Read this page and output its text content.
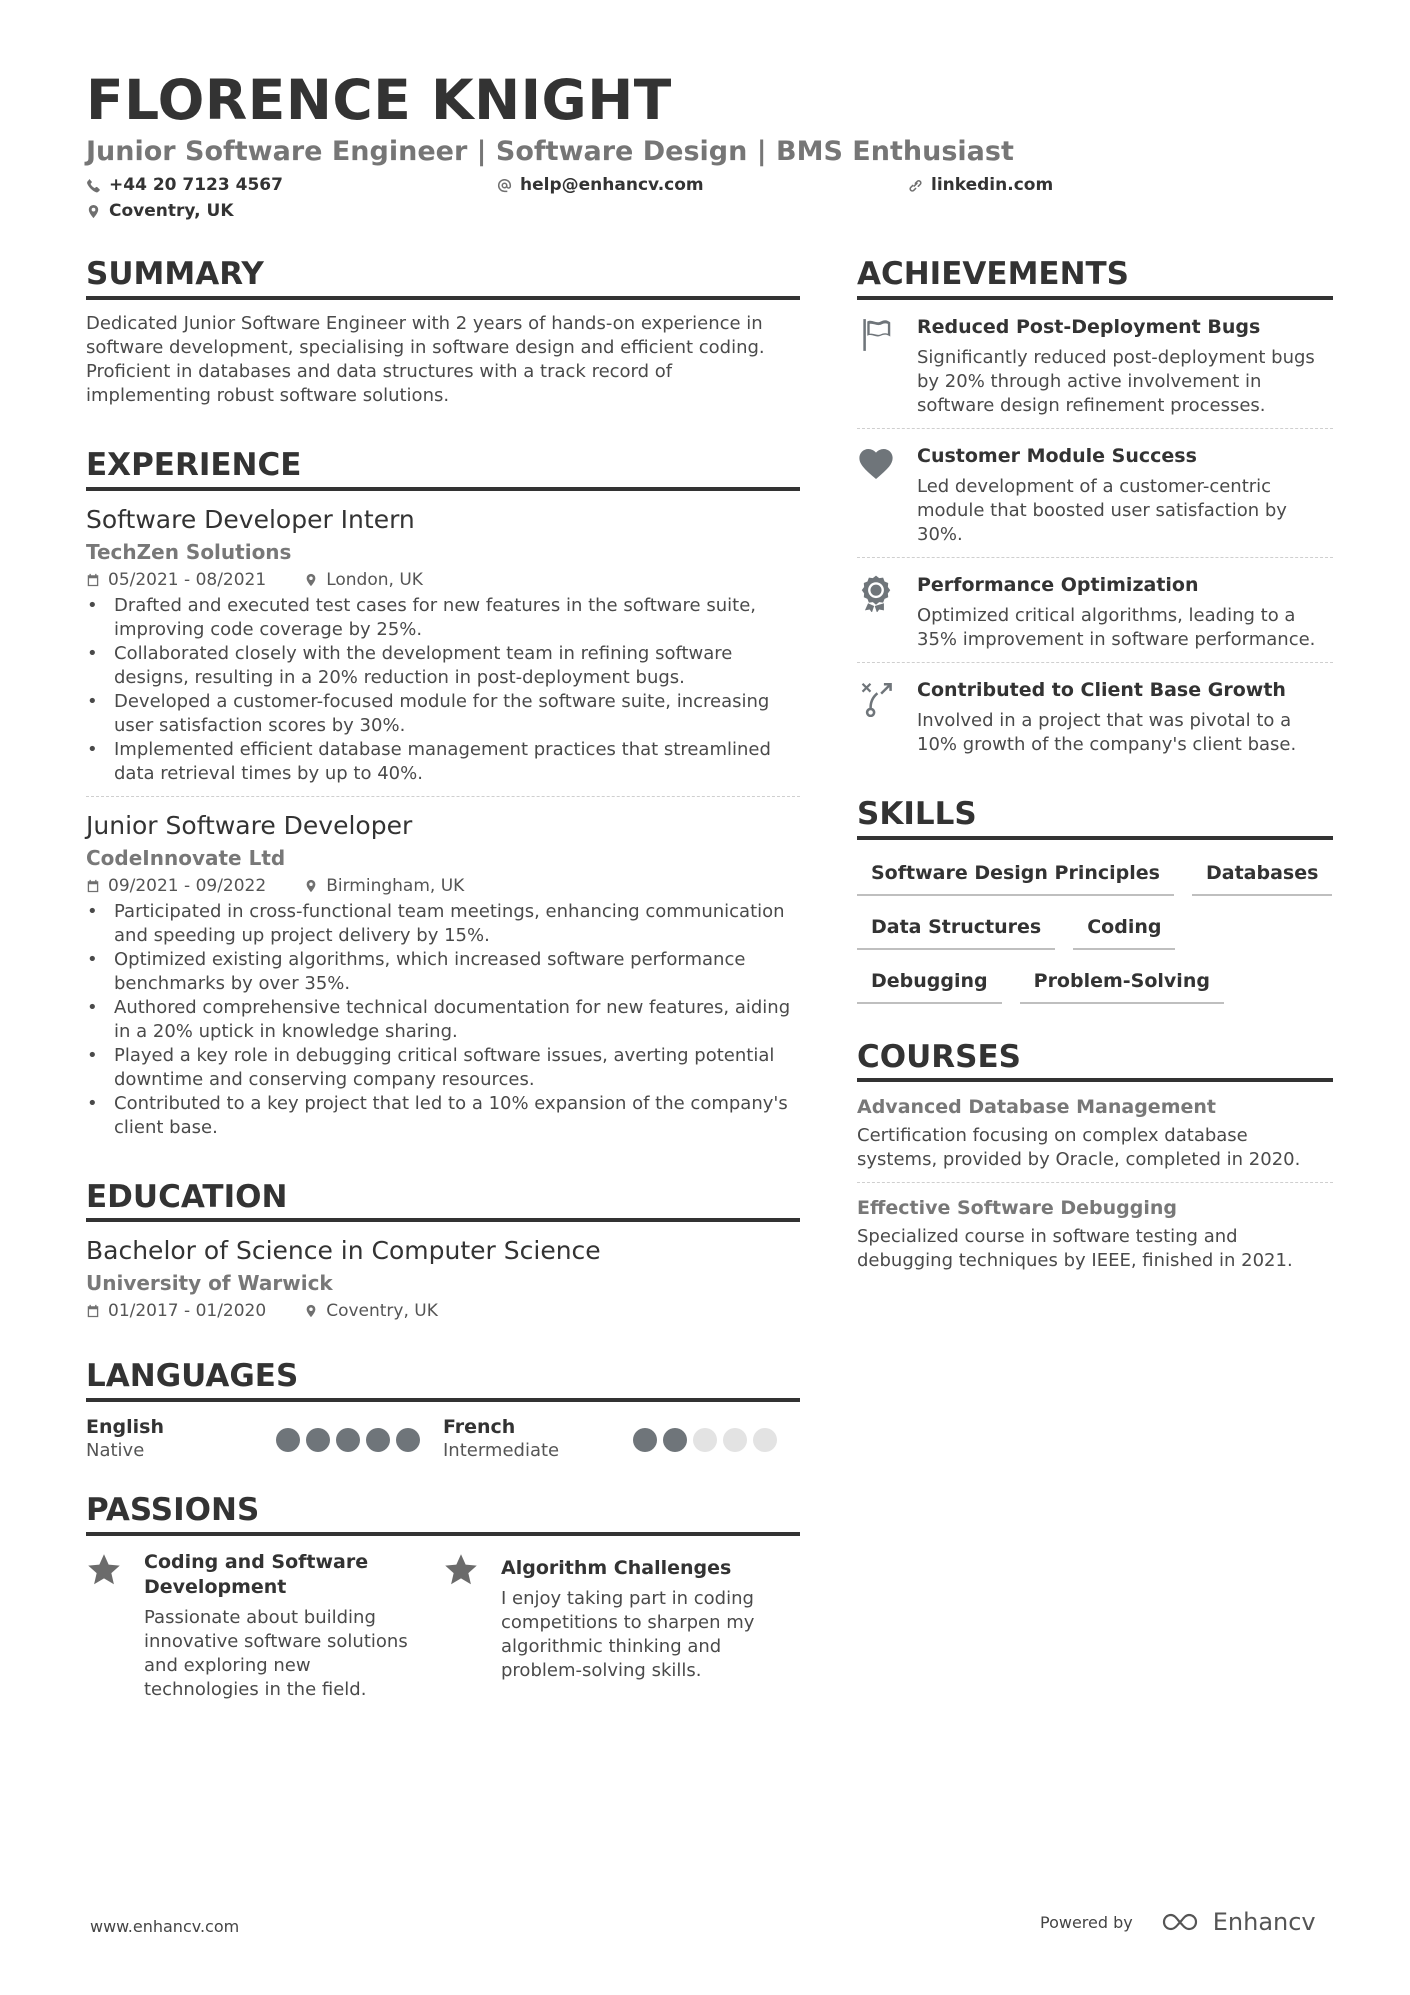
FLORENCE KNIGHT
Junior Software Engineer | Software Design | BMS Enthusiast
+44 20 7123 4567	help@enhancv.com	linkedin.com
Coventry, UK
SUMMARY
Dedicated Junior Software Engineer with 2 years of hands-on experience in software development, specialising in software design and efficient coding. Proficient in databases and data structures with a track record of implementing robust software solutions.
EXPERIENCE
Software Developer Intern
TechZen Solutions
05/2021 - 08/2021	London, UK
• Drafted and executed test cases for new features in the software suite, improving code coverage by 25%.
• Collaborated closely with the development team in refining software designs, resulting in a 20% reduction in post-deployment bugs.
• Developed a customer-focused module for the software suite, increasing user satisfaction scores by 30%.
• Implemented efficient database management practices that streamlined data retrieval times by up to 40%.
Junior Software Developer
CodeInnovate Ltd
09/2021 - 09/2022	Birmingham, UK
• Participated in cross-functional team meetings, enhancing communication and speeding up project delivery by 15%.
• Optimized existing algorithms, which increased software performance benchmarks by over 35%.
• Authored comprehensive technical documentation for new features, aiding in a 20% uptick in knowledge sharing.
• Played a key role in debugging critical software issues, averting potential downtime and conserving company resources.
• Contributed to a key project that led to a 10% expansion of the company's client base.
EDUCATION
Bachelor of Science in Computer Science
University of Warwick
01/2017 - 01/2020	Coventry, UK
LANGUAGES
English
Native
French
Intermediate
PASSIONS
Coding and Software Development
Passionate about building innovative software solutions and exploring new technologies in the field.
Algorithm Challenges
I enjoy taking part in coding competitions to sharpen my algorithmic thinking and problem-solving skills.
ACHIEVEMENTS
Reduced Post-Deployment Bugs
Significantly reduced post-deployment bugs by 20% through active involvement in software design refinement processes.
Customer Module Success
Led development of a customer-centric module that boosted user satisfaction by 30%.
Performance Optimization
Optimized critical algorithms, leading to a 35% improvement in software performance.
Contributed to Client Base Growth
Involved in a project that was pivotal to a 10% growth of the company's client base.
SKILLS
Software Design Principles	Databases
Data Structures	Coding
Debugging	Problem-Solving
COURSES
Advanced Database Management
Certification focusing on complex database systems, provided by Oracle, completed in 2020.
Effective Software Debugging
Specialized course in software testing and debugging techniques by IEEE, finished in 2021.
www.enhancv.com	Powered by	Enhancv
